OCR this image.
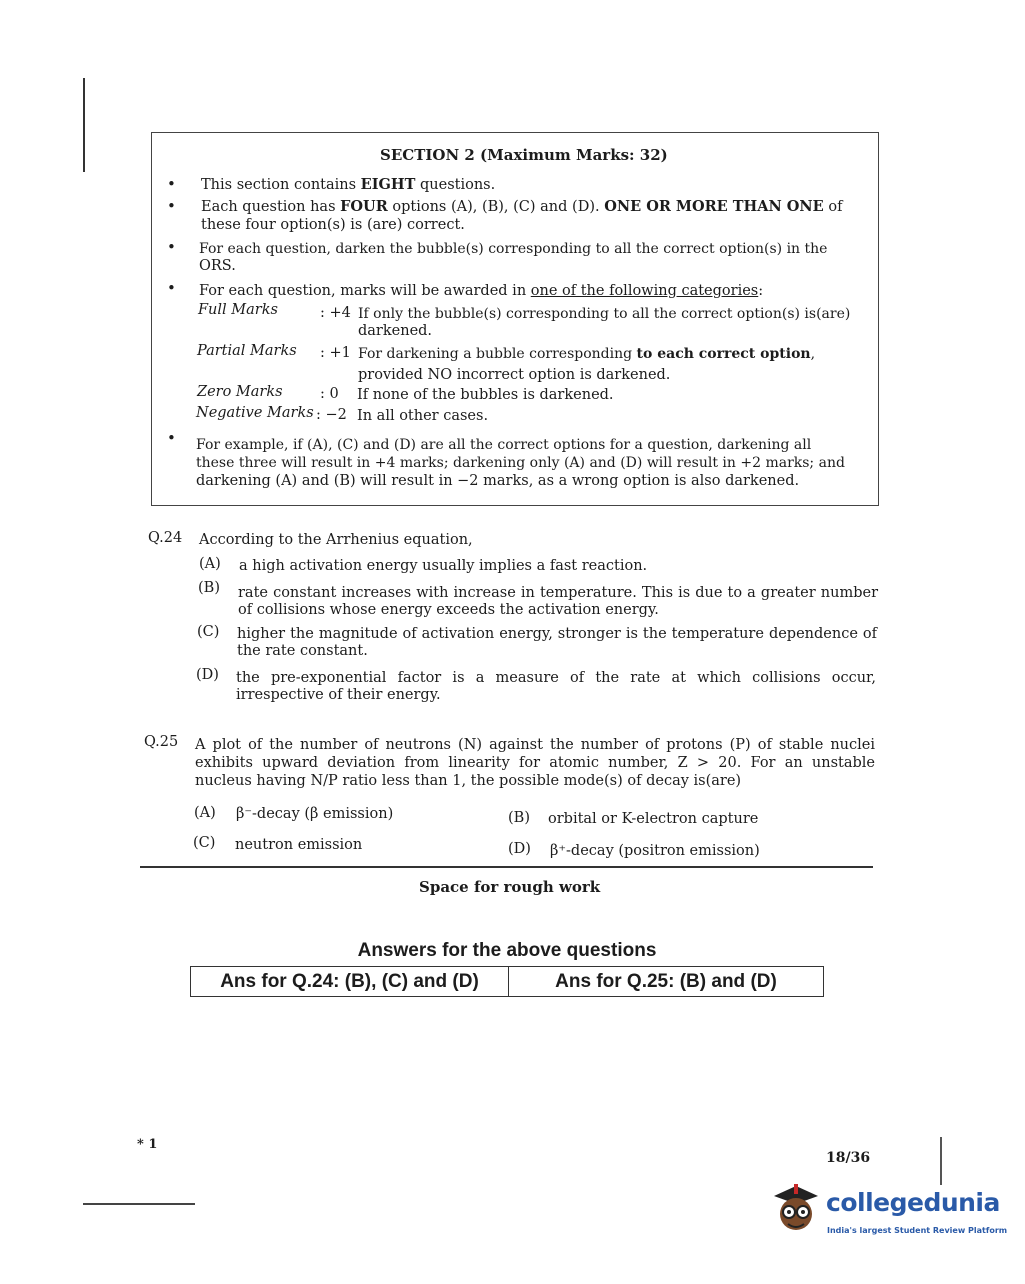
SECTION 2 (Maximum Marks: 32)
• This section contains EIGHT questions.
• Each question has FOUR options (A), (B), (C) and (D). ONE OR MORE THAN ONE of
these four option(s) is (are) correct.
• For each question, darken the bubble(s) corresponding to all the correct option(s) in the
ORS.
• For each question, marks will be awarded in one of the following categories:
Full Marks	: +4 If only the bubble(s) corresponding to all the correct option(s) is(are)
darkened.
Partial Marks : +1 For darkening a bubble corresponding to each correct option,
provided NO incorrect option is darkened.
Zero Marks	: 0 If none of the bubbles is darkened.
Negative Marks : −2 In all other cases.
• For example, if (A), (C) and (D) are all the correct options for a question, darkening all
these three will result in +4 marks; darkening only (A) and (D) will result in +2 marks; and
darkening (A) and (B) will result in −2 marks, as a wrong option is also darkened.
Q.24 According to the Arrhenius equation,
(A) a high activation energy usually implies a fast reaction.
(B) rate constant increases with increase in temperature. This is due to a greater number of collisions whose energy exceeds the activation energy.
(C) higher the magnitude of activation energy, stronger is the temperature dependence of the rate constant.
(D) the pre-exponential factor is a measure of the rate at which collisions occur, irrespective of their energy.
Q.25 A plot of the number of neutrons (N) against the number of protons (P) of stable nuclei exhibits upward deviation from linearity for atomic number, Z > 20. For an unstable nucleus having N/P ratio less than 1, the possible mode(s) of decay is(are)
(A) β⁻-decay (β emission)	(B) orbital or K-electron capture
(C) neutron emission	(D) β⁺-decay (positron emission)
Space for rough work
Answers for the above questions
Ans for Q.24: (B), (C) and (D)	Ans for Q.25: (B) and (D)
* 1
18/36
collegedunia
India's largest Student Review Platform
